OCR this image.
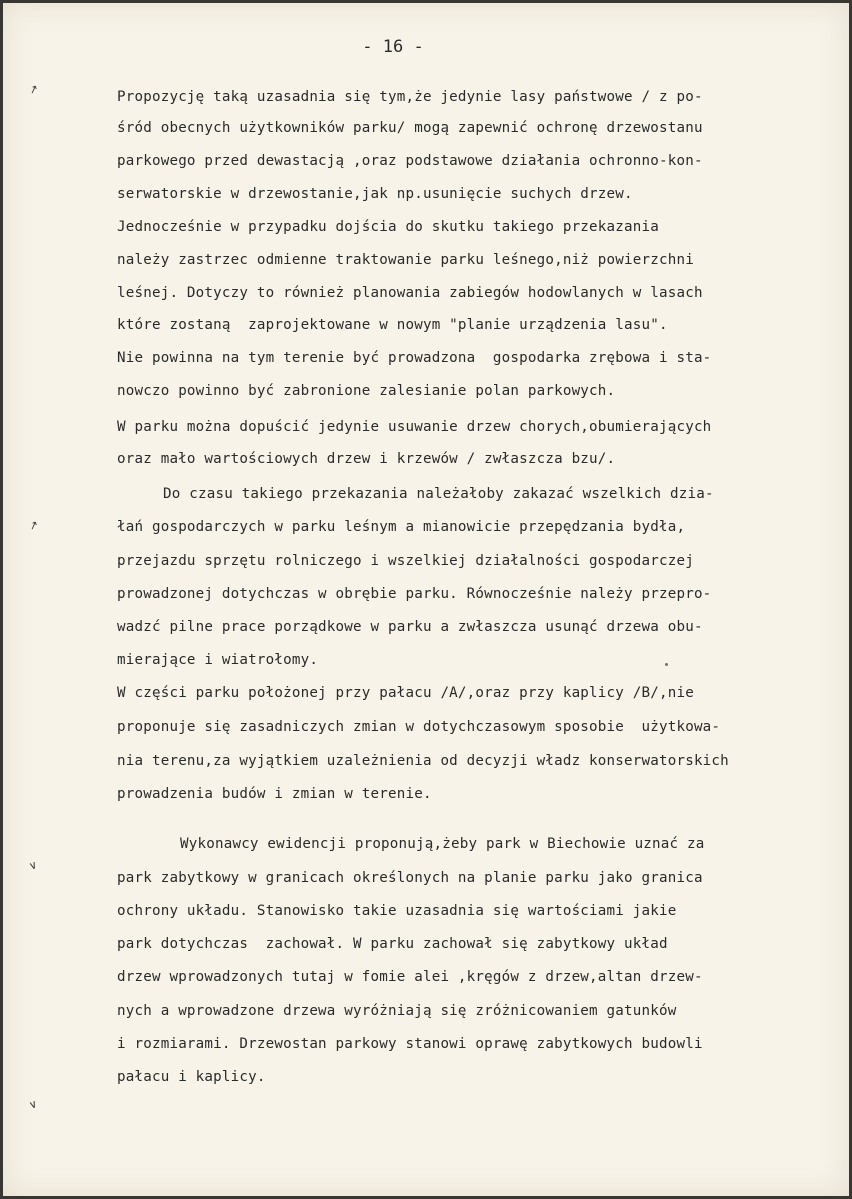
- 16 -
Propozycję taką uzasadnia się tym,że jedynie lasy państwowe / z po-
śród obecnych użytkowników parku/ mogą zapewnić ochronę drzewostanu
parkowego przed dewastacją ,oraz podstawowe działania ochronno-kon-
serwatorskie w drzewostanie,jak np.usunięcie suchych drzew.
Jednocześnie w przypadku dojścia do skutku takiego przekazania
należy zastrzec odmienne traktowanie parku leśnego,niż powierzchni
leśnej. Dotyczy to również planowania zabiegów hodowlanych w lasach
które zostaną  zaprojektowane w nowym "planie urządzenia lasu".
Nie powinna na tym terenie być prowadzona  gospodarka zrębowa i sta-
nowczo powinno być zabronione zalesianie polan parkowych.
W parku można dopuścić jedynie usuwanie drzew chorych,obumierających
oraz mało wartościowych drzew i krzewów / zwłaszcza bzu/.
Do czasu takiego przekazania należałoby zakazać wszelkich dzia-
łań gospodarczych w parku leśnym a mianowicie przepędzania bydła,
przejazdu sprzętu rolniczego i wszelkiej działalności gospodarczej
prowadzonej dotychczas w obrębie parku. Równocześnie należy przepro-
wadzć pilne prace porządkowe w parku a zwłaszcza usunąć drzewa obu-
mierające i wiatrołomy.
W części parku położonej przy pałacu /A/,oraz przy kaplicy /B/,nie
proponuje się zasadniczych zmian w dotychczasowym sposobie  użytkowa-
nia terenu,za wyjątkiem uzależnienia od decyzji władz konserwatorskich
prowadzenia budów i zmian w terenie.
Wykonawcy ewidencji proponują,żeby park w Biechowie uznać za
park zabytkowy w granicach określonych na planie parku jako granica
ochrony układu. Stanowisko takie uzasadnia się wartościami jakie
park dotychczas  zachował. W parku zachował się zabytkowy układ
drzew wprowadzonych tutaj w fomie alei ,kręgów z drzew,altan drzew-
nych a wprowadzone drzewa wyróżniają się zróżnicowaniem gatunków
i rozmiarami. Drzewostan parkowy stanowi oprawę zabytkowych budowli
pałacu i kaplicy.
↗
↗
∨
∨
